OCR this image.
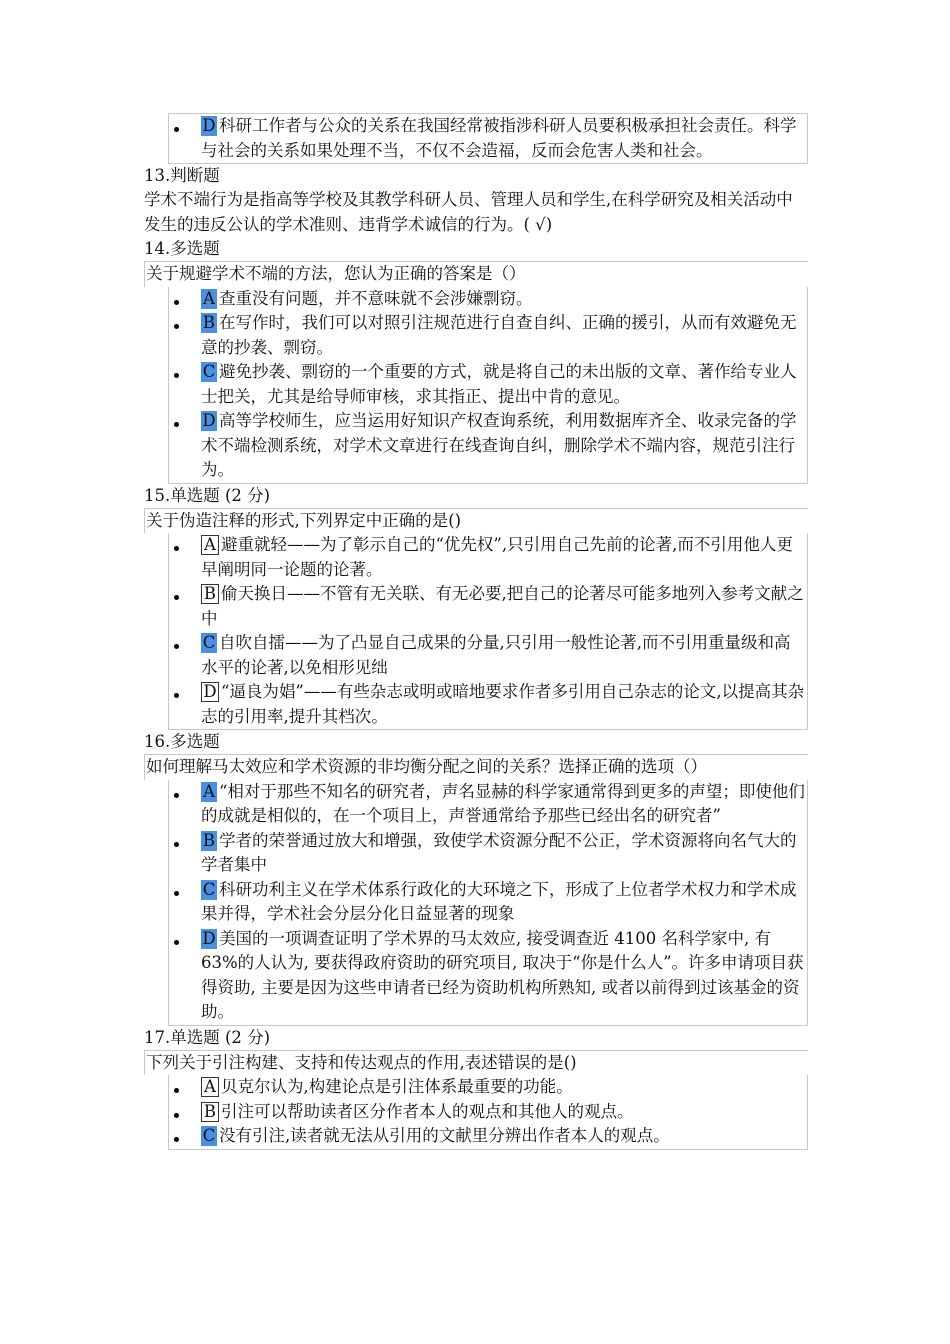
D 科研工作者与公众的关系在我国经常被指涉科研人员要积极承担社会责任。科学与社会的关系如果处理不当，不仅不会造福，反而会危害人类和社会。
13.判断题
学术不端行为是指高等学校及其教学科研人员、管理人员和学生,在科学研究及相关活动中发生的违反公认的学术准则、违背学术诚信的行为。( √)
14.多选题
关于规避学术不端的方法，您认为正确的答案是（）
A 查重没有问题，并不意味就不会涉嫌剽窃。
B 在写作时，我们可以对照引注规范进行自查自纠、正确的援引，从而有效避免无意的抄袭、剽窃。
C 避免抄袭、剽窃的一个重要的方式，就是将自己的未出版的文章、著作给专业人士把关，尤其是给导师审核，求其指正、提出中肯的意见。
D 高等学校师生，应当运用好知识产权查询系统，利用数据库齐全、收录完备的学术不端检测系统，对学术文章进行在线查询自纠，删除学术不端内容，规范引注行为。
15.单选题 (2 分)
关于伪造注释的形式,下列界定中正确的是()
A 避重就轻——为了彰示自己的“优先权”,只引用自己先前的论著,而不引用他人更早阐明同一论题的论著。
B 偷天换日——不管有无关联、有无必要,把自己的论著尽可能多地列入参考文献之中
C 自吹自擂——为了凸显自己成果的分量,只引用一般性论著,而不引用重量级和高水平的论著,以免相形见绌
D “逼良为娼”——有些杂志或明或暗地要求作者多引用自己杂志的论文,以提高其杂志的引用率,提升其档次。
16.多选题
如何理解马太效应和学术资源的非均衡分配之间的关系？选择正确的选项（）
A “相对于那些不知名的研究者，声名显赫的科学家通常得到更多的声望；即使他们的成就是相似的，在一个项目上，声誉通常给予那些已经出名的研究者”
B 学者的荣誉通过放大和增强，致使学术资源分配不公正，学术资源将向名气大的学者集中
C 科研功利主义在学术体系行政化的大环境之下，形成了上位者学术权力和学术成果并得，学术社会分层分化日益显著的现象
D 美国的一项调查证明了学术界的马太效应, 接受调查近 4100 名科学家中, 有 63%的人认为, 要获得政府资助的研究项目, 取决于“你是什么人”。许多申请项目获得资助, 主要是因为这些申请者已经为资助机构所熟知, 或者以前得到过该基金的资助。
17.单选题 (2 分)
下列关于引注构建、支持和传达观点的作用,表述错误的是()
A 贝克尔认为,构建论点是引注体系最重要的功能。
B 引注可以帮助读者区分作者本人的观点和其他人的观点。
C 没有引注,读者就无法从引用的文献里分辨出作者本人的观点。
